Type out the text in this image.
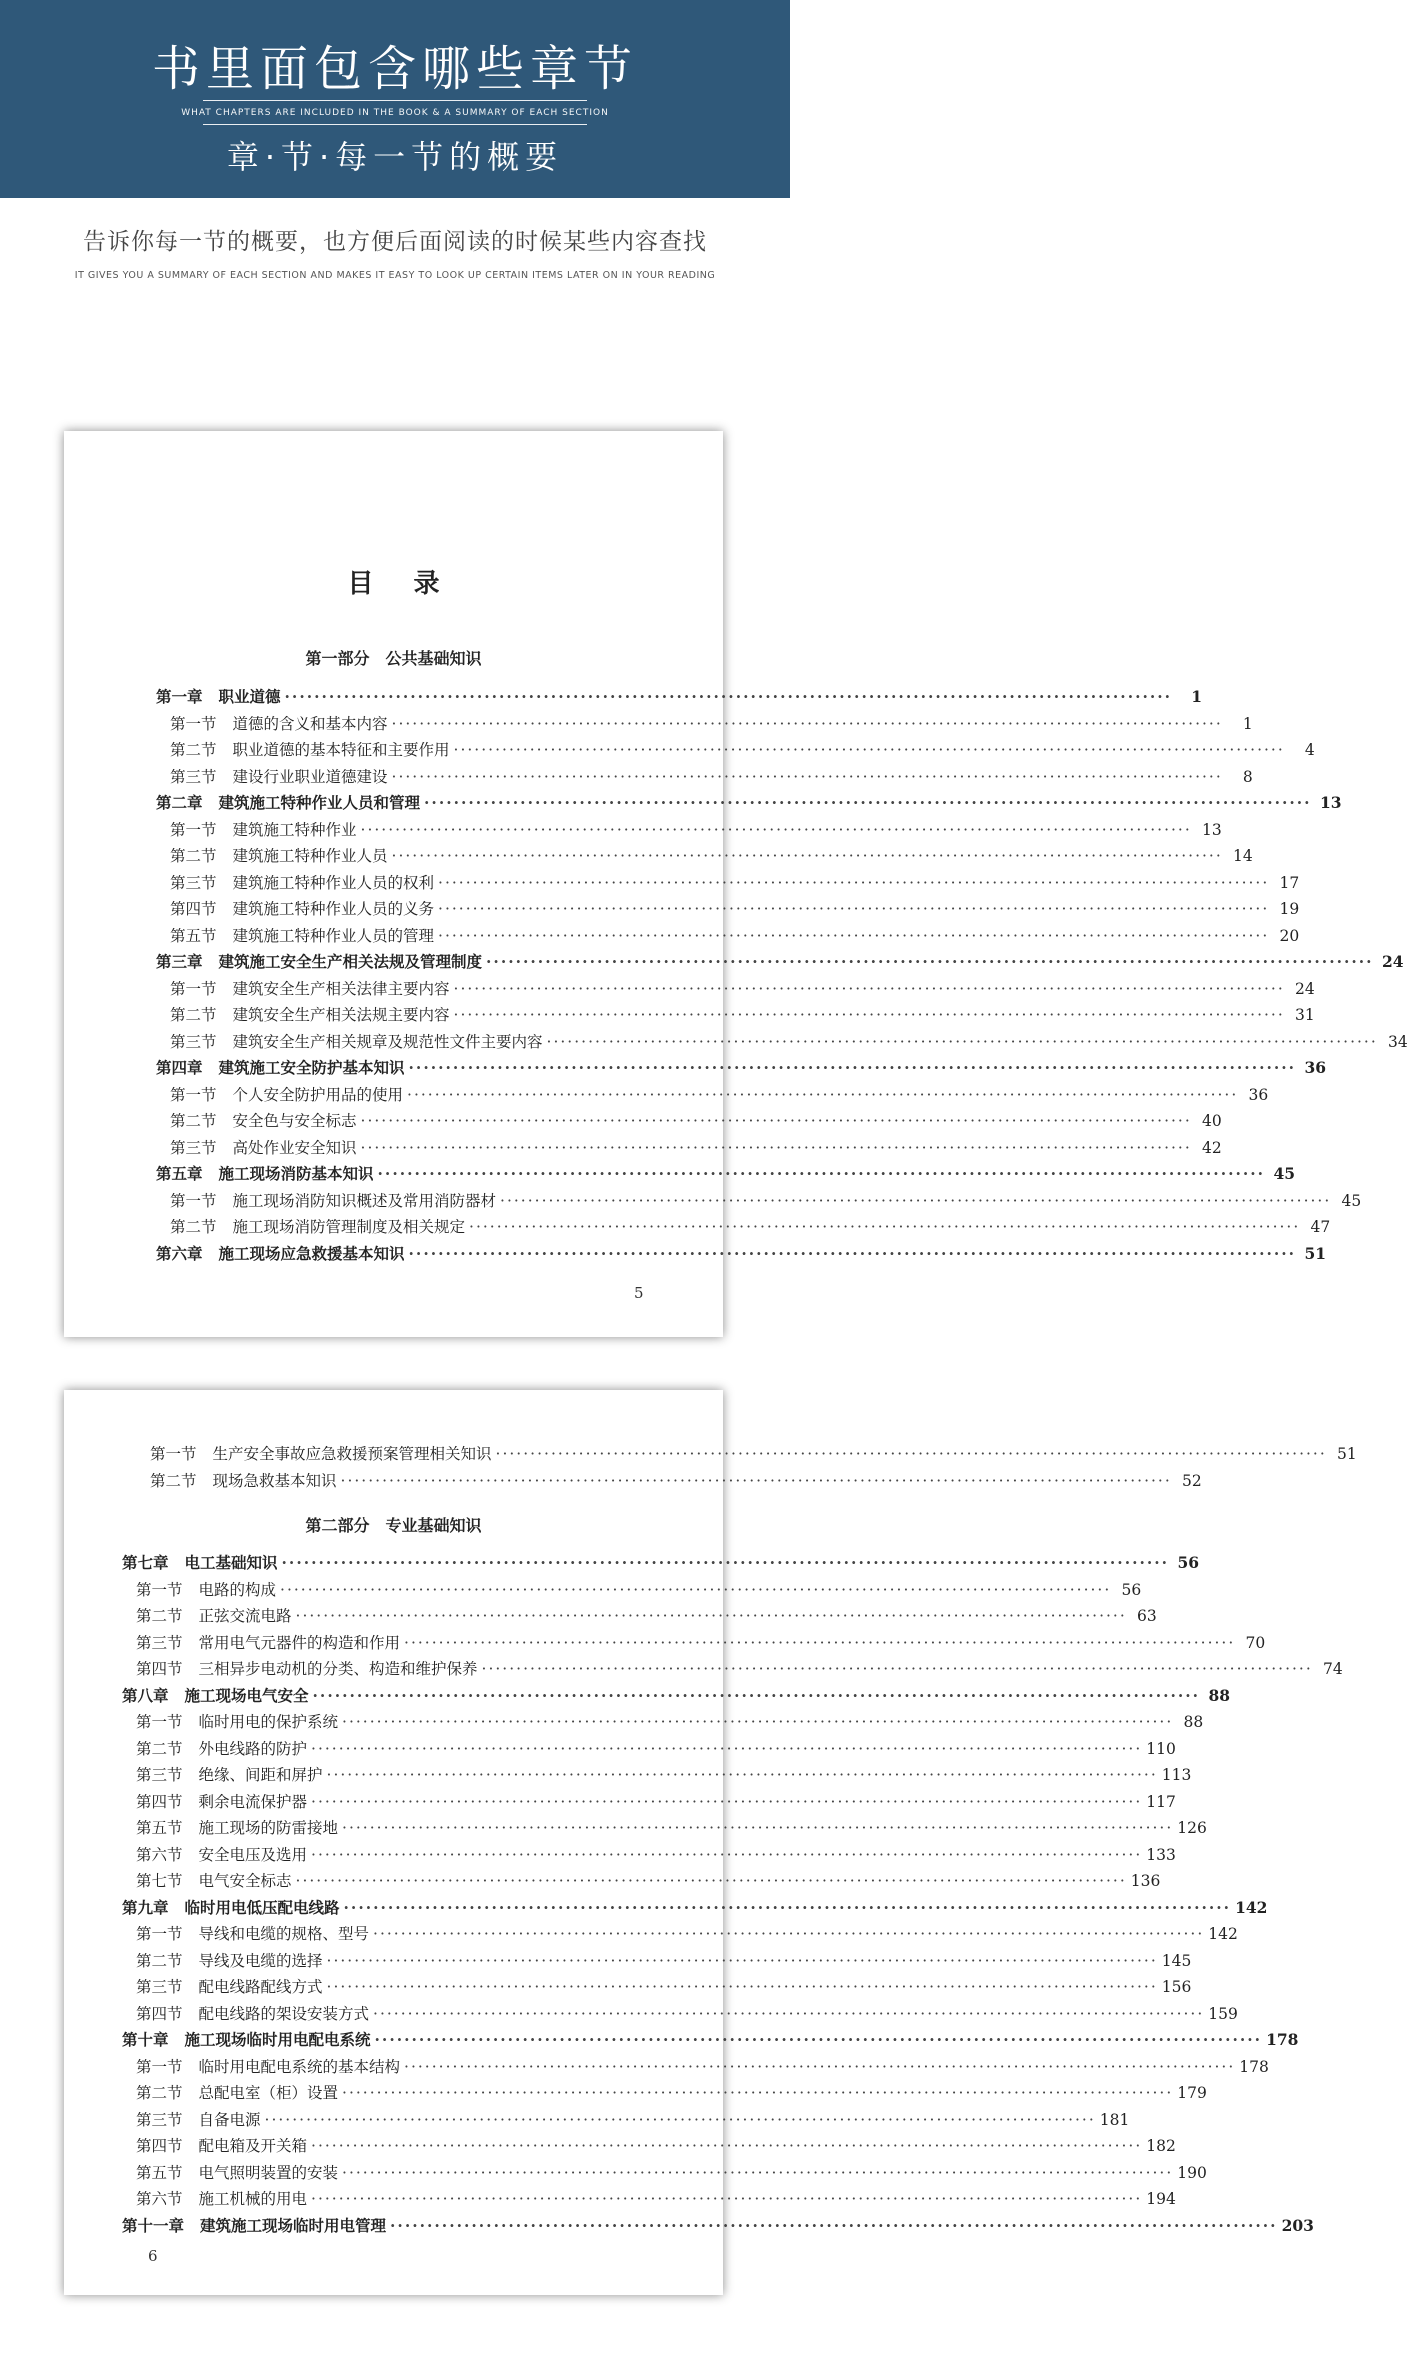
书里面包含哪些章节
WHAT CHAPTERS ARE INCLUDED IN THE BOOK & A SUMMARY OF EACH SECTION
章·节·每一节的概要
告诉你每一节的概要，也方便后面阅读的时候某些内容查找
IT GIVES YOU A SUMMARY OF EACH SECTION AND MAKES IT EASY TO LOOK UP CERTAIN ITEMS LATER ON IN YOUR READING
目录
第一部分　公共基础知识
第一章 职业道德 ························································································································	1
第一节 道德的含义和基本内容 ························································································································	1
第二节 职业道德的基本特征和主要作用 ························································································································	4
第三节 建设行业职业道德建设 ························································································································	8
第二章 建筑施工特种作业人员和管理 ························································································································ 13
第一节 建筑施工特种作业 ························································································································ 13
第二节 建筑施工特种作业人员 ························································································································ 14
第三节 建筑施工特种作业人员的权利 ························································································································ 17
第四节 建筑施工特种作业人员的义务 ························································································································ 19
第五节 建筑施工特种作业人员的管理 ························································································································ 20
第三章 建筑施工安全生产相关法规及管理制度 ························································································································ 24
第一节 建筑安全生产相关法律主要内容 ························································································································ 24
第二节 建筑安全生产相关法规主要内容 ························································································································ 31
第三节 建筑安全生产相关规章及规范性文件主要内容 ························································································································ 34
第四章 建筑施工安全防护基本知识 ························································································································ 36
第一节 个人安全防护用品的使用 ························································································································ 36
第二节 安全色与安全标志 ························································································································ 40
第三节 高处作业安全知识 ························································································································ 42
第五章 施工现场消防基本知识 ························································································································ 45
第一节 施工现场消防知识概述及常用消防器材 ························································································································ 45
第二节 施工现场消防管理制度及相关规定 ························································································································ 47
第六章 施工现场应急救援基本知识 ························································································································ 51
5
第一节 生产安全事故应急救援预案管理相关知识 ························································································································ 51
第二节 现场急救基本知识 ························································································································ 52
第二部分　专业基础知识
第七章 电工基础知识 ························································································································ 56
第一节 电路的构成 ························································································································ 56
第二节 正弦交流电路 ························································································································ 63
第三节 常用电气元器件的构造和作用 ························································································································ 70
第四节 三相异步电动机的分类、构造和维护保养 ························································································································ 74
第八章 施工现场电气安全 ························································································································ 88
第一节 临时用电的保护系统 ························································································································ 88
第二节 外电线路的防护 ························································································································ 110
第三节 绝缘、间距和屏护 ························································································································ 113
第四节 剩余电流保护器 ························································································································ 117
第五节 施工现场的防雷接地 ························································································································ 126
第六节 安全电压及选用 ························································································································ 133
第七节 电气安全标志 ························································································································ 136
第九章 临时用电低压配电线路 ························································································································ 142
第一节 导线和电缆的规格、型号 ························································································································ 142
第二节 导线及电缆的选择 ························································································································ 145
第三节 配电线路配线方式 ························································································································ 156
第四节 配电线路的架设安装方式 ························································································································ 159
第十章 施工现场临时用电配电系统 ························································································································ 178
第一节 临时用电配电系统的基本结构 ························································································································ 178
第二节 总配电室（柜）设置 ························································································································ 179
第三节 自备电源 ························································································································ 181
第四节 配电箱及开关箱 ························································································································ 182
第五节 电气照明装置的安装 ························································································································ 190
第六节 施工机械的用电 ························································································································ 194
第十一章 建筑施工现场临时用电管理 ························································································································ 203
6
